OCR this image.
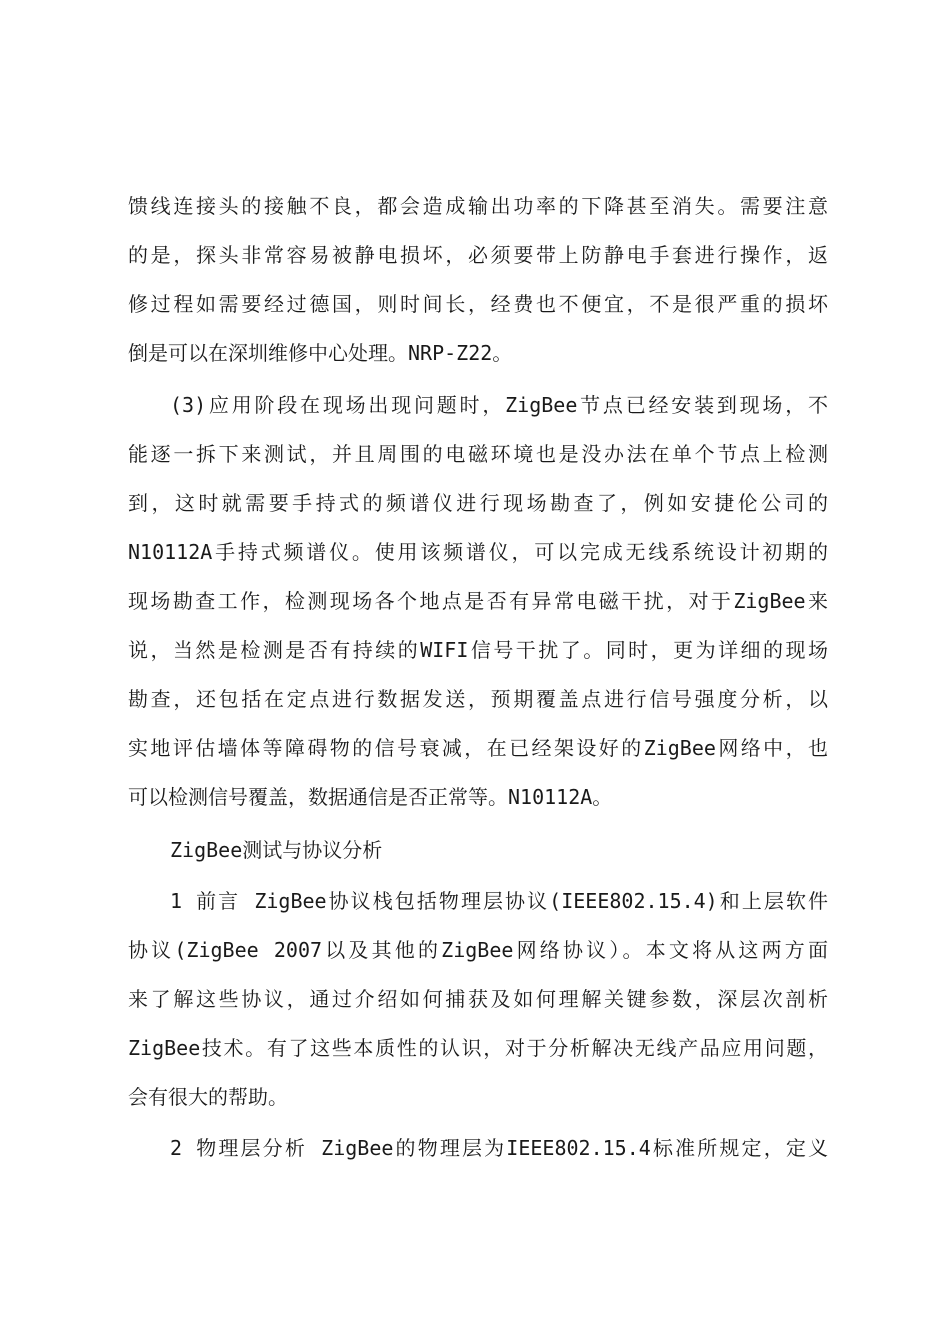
馈线连接头的接触不良，都会造成输出功率的下降甚至消失。需要注意
的是，探头非常容易被静电损坏，必须要带上防静电手套进行操作，返
修过程如需要经过德国，则时间长，经费也不便宜，不是很严重的损坏
倒是可以在深圳维修中心处理。NRP-Z22。
(3)应用阶段在现场出现问题时，ZigBee节点已经安装到现场，不
能逐一拆下来测试，并且周围的电磁环境也是没办法在单个节点上检测
到，这时就需要手持式的频谱仪进行现场勘查了，例如安捷伦公司的
N10112A手持式频谱仪。使用该频谱仪，可以完成无线系统设计初期的
现场勘查工作，检测现场各个地点是否有异常电磁干扰，对于ZigBee来
说，当然是检测是否有持续的WIFI信号干扰了。同时，更为详细的现场
勘查，还包括在定点进行数据发送，预期覆盖点进行信号强度分析，以
实地评估墙体等障碍物的信号衰减，在已经架设好的ZigBee网络中，也
可以检测信号覆盖，数据通信是否正常等。N10112A。
ZigBee测试与协议分析
1 前言 ZigBee协议栈包括物理层协议(IEEE802.15.4)和上层软件
协议(ZigBee 2007以及其他的ZigBee网络协议）。本文将从这两方面
来了解这些协议，通过介绍如何捕获及如何理解关键参数，深层次剖析
ZigBee技术。有了这些本质性的认识，对于分析解决无线产品应用问题，
会有很大的帮助。
2 物理层分析 ZigBee的物理层为IEEE802.15.4标准所规定，定义
